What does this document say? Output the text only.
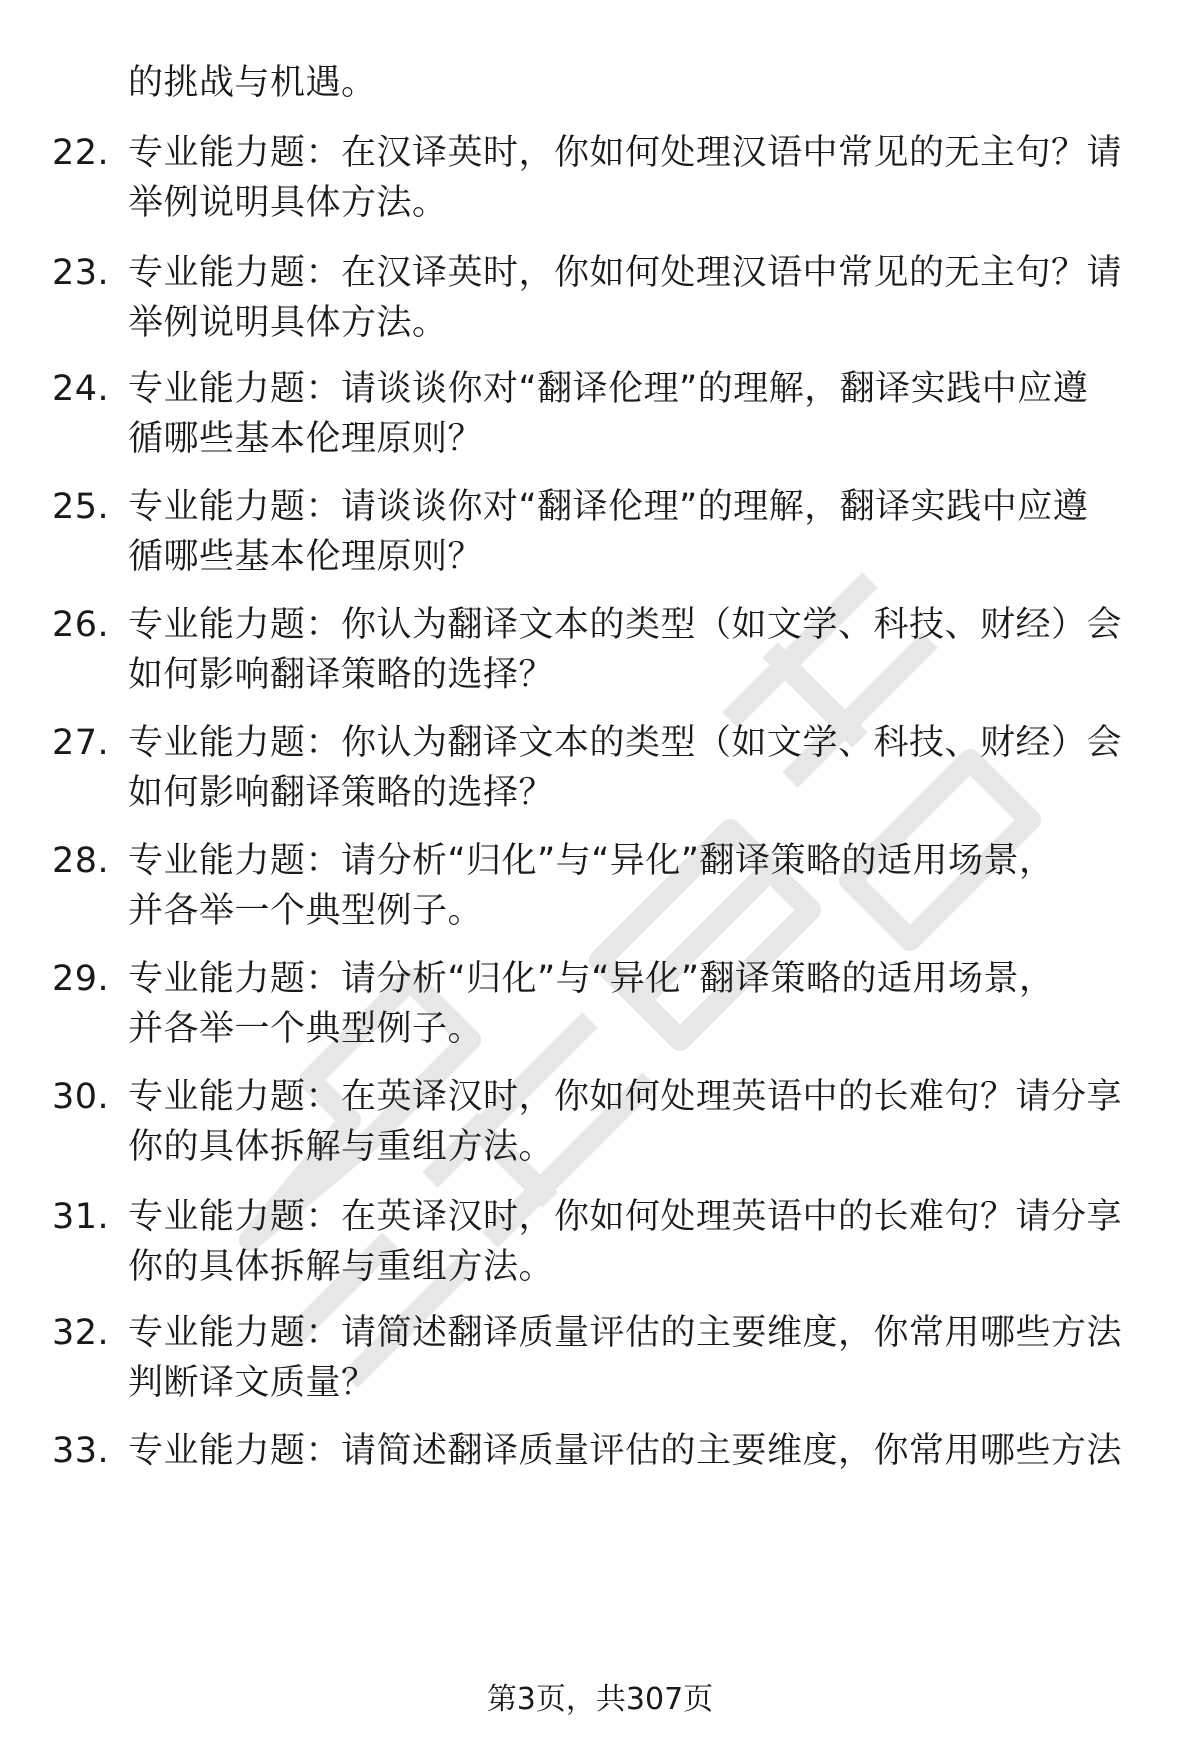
的挑战与机遇。
22. 专业能力题：在汉译英时，你如何处理汉语中常见的无主句？请
举例说明具体方法。
23. 专业能力题：在汉译英时，你如何处理汉语中常见的无主句？请
举例说明具体方法。
24. 专业能力题：请谈谈你对“翻译伦理”的理解，翻译实践中应遵
循哪些基本伦理原则？
25. 专业能力题：请谈谈你对“翻译伦理”的理解，翻译实践中应遵
循哪些基本伦理原则？
26. 专业能力题：你认为翻译文本的类型（如文学、科技、财经）会
如何影响翻译策略的选择？
27. 专业能力题：你认为翻译文本的类型（如文学、科技、财经）会
如何影响翻译策略的选择？
28. 专业能力题：请分析“归化”与“异化”翻译策略的适用场景，
并各举一个典型例子。
29. 专业能力题：请分析“归化”与“异化”翻译策略的适用场景，
并各举一个典型例子。
30. 专业能力题：在英译汉时，你如何处理英语中的长难句？请分享
你的具体拆解与重组方法。
31. 专业能力题：在英译汉时，你如何处理英语中的长难句？请分享
你的具体拆解与重组方法。
32. 专业能力题：请简述翻译质量评估的主要维度，你常用哪些方法
判断译文质量？
33. 专业能力题：请简述翻译质量评估的主要维度，你常用哪些方法
第3页，共307页
